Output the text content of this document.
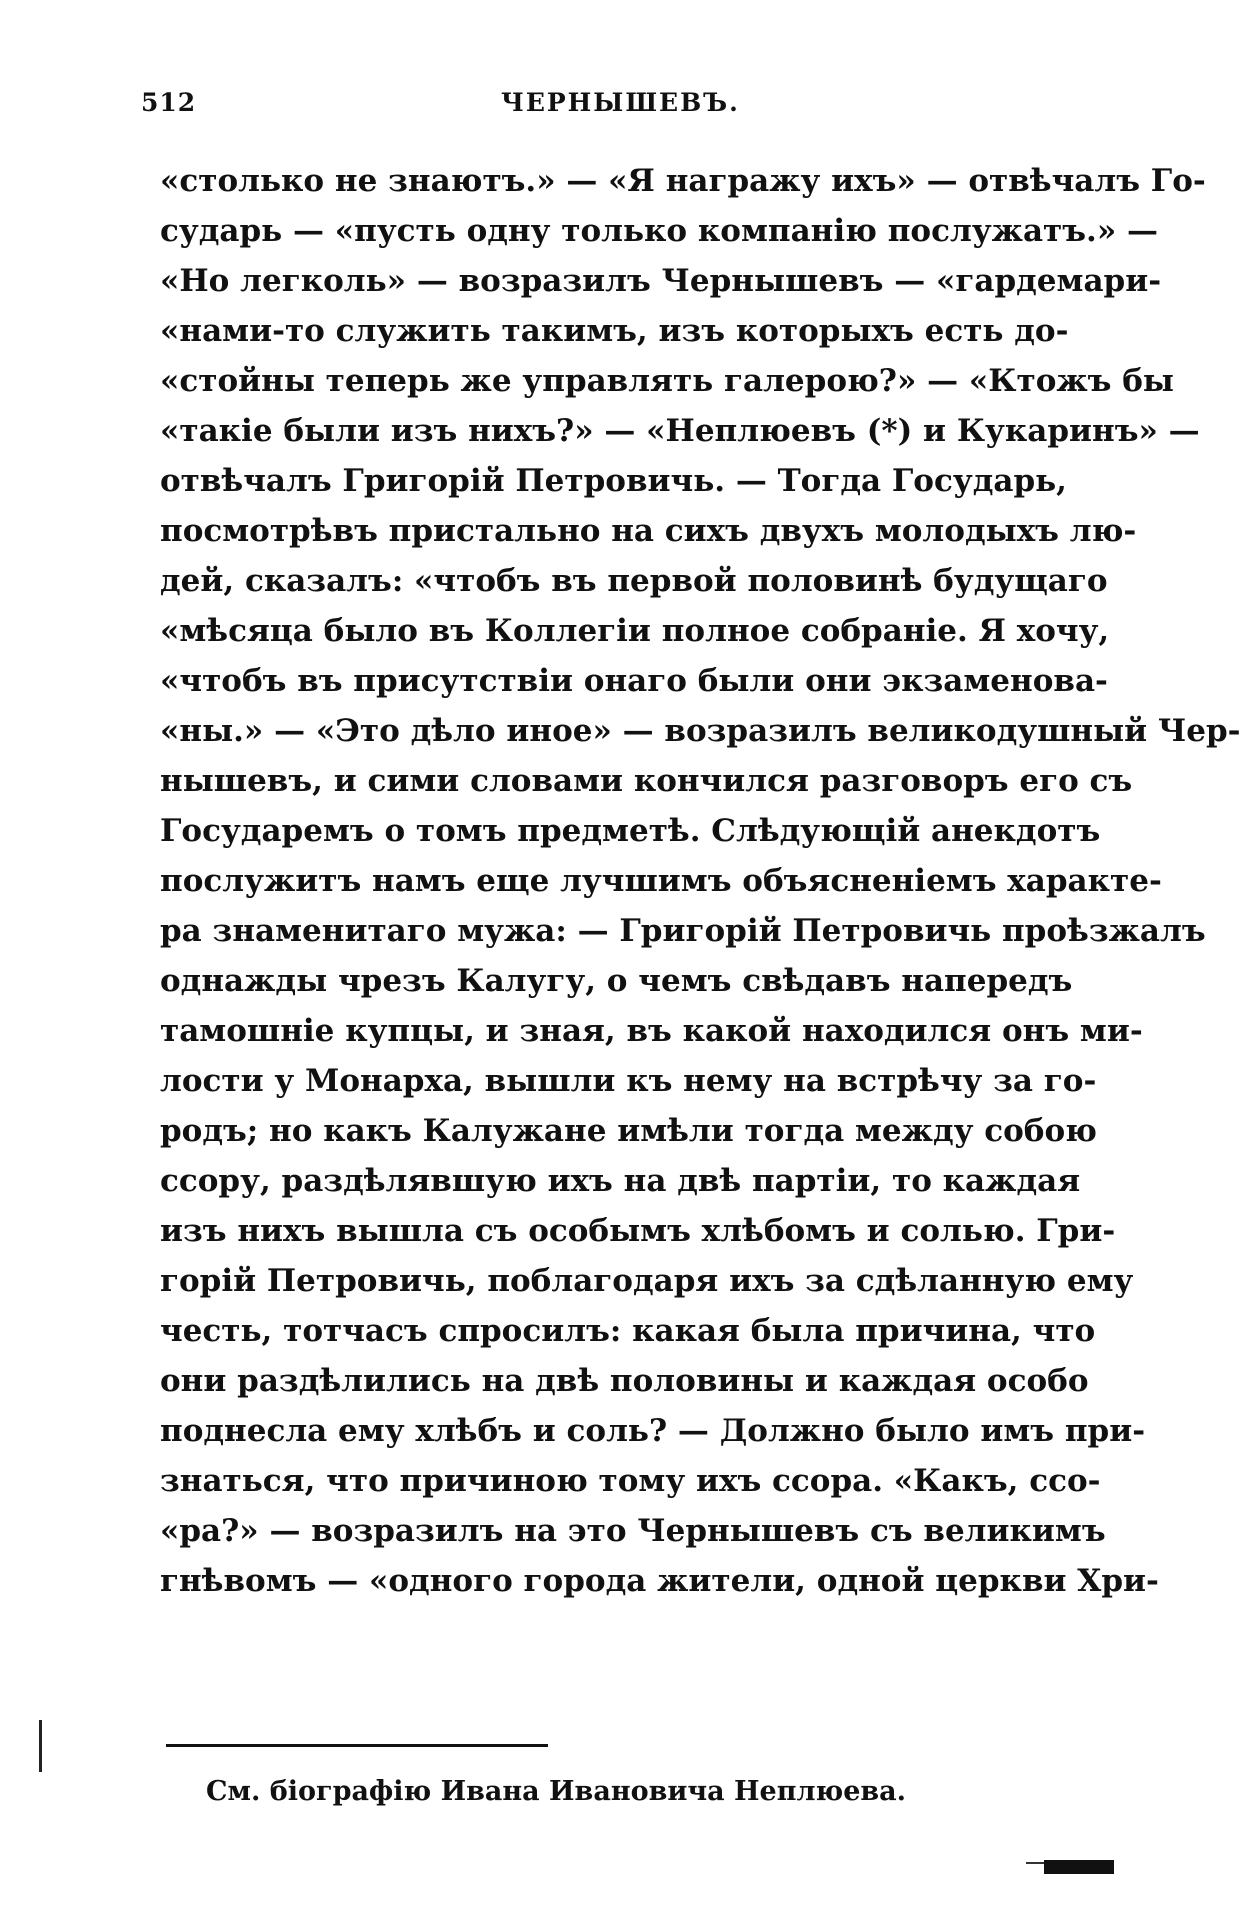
512	ЧЕРНЫШЕВЪ.
«столько не знаютъ.» — «Я награжу ихъ» — отвѣчалъ Го-
сударь — «пусть одну только компанію послужатъ.» —
«Но легколь» — возразилъ Чернышевъ — «гардемари-
«нами-то служить такимъ, изъ которыхъ есть до-
«стойны теперь же управлять галерою?» — «Ктожъ бы
«такіе были изъ нихъ?» — «Неплюевъ (*) и Кукаринъ» —
отвѣчалъ Григорій Петровичь. — Тогда Государь,
посмотрѣвъ пристально на сихъ двухъ молодыхъ лю-
дей, сказалъ: «чтобъ въ первой половинѣ будущаго
«мѣсяца было въ Коллегіи полное собраніе. Я хочу,
«чтобъ въ присутствіи онаго были они экзаменова-
«ны.» — «Это дѣло иное» — возразилъ великодушный Чер-
нышевъ, и сими словами кончился разговоръ его съ
Государемъ о томъ предметѣ. Слѣдующій анекдотъ
послужитъ намъ еще лучшимъ объясненіемъ характе-
ра знаменитаго мужа: — Григорій Петровичь проѣзжалъ
однажды чрезъ Калугу, о чемъ свѣдавъ напередъ
тамошніе купцы, и зная, въ какой находился онъ ми-
лости у Монарха, вышли къ нему на встрѣчу за го-
родъ; но какъ Калужане имѣли тогда между собою
ссору, раздѣлявшую ихъ на двѣ партіи, то каждая
изъ нихъ вышла съ особымъ хлѣбомъ и солью. Гри-
горій Петровичь, поблагодаря ихъ за сдѣланную ему
честь, тотчасъ спросилъ: какая была причина, что
они раздѣлились на двѣ половины и каждая особо
поднесла ему хлѣбъ и соль? — Должно было имъ при-
знаться, что причиною тому ихъ ссора. «Какъ, ссо-
«ра?» — возразилъ на это Чернышевъ съ великимъ
гнѣвомъ — «одного города жители, одной церкви Хри-
См. біографію Ивана Ивановича Неплюева.
